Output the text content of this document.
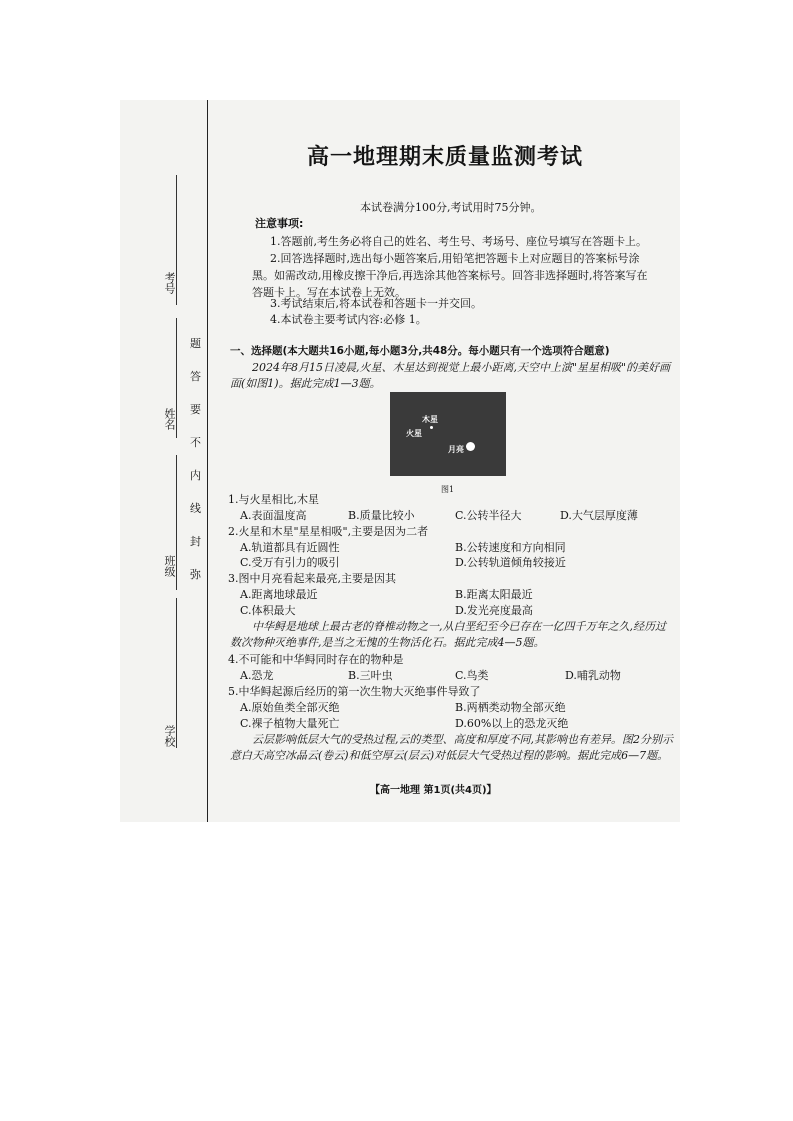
考号
姓名
班级
学校
题
答
要
不
内
线
封
弥
高一地理期末质量监测考试
本试卷满分100分,考试用时75分钟。
注意事项:
1.答题前,考生务必将自己的姓名、考生号、考场号、座位号填写在答题卡上。
2.回答选择题时,选出每小题答案后,用铅笔把答题卡上对应题目的答案标号涂
黑。如需改动,用橡皮擦干净后,再选涂其他答案标号。回答非选择题时,将答案写在
答题卡上。写在本试卷上无效。
3.考试结束后,将本试卷和答题卡一并交回。
4.本试卷主要考试内容:必修 1。
一、选择题(本大题共16小题,每小题3分,共48分。每小题只有一个选项符合题意)
2024年8月15日凌晨,火星、木星达到视觉上最小距离,天空中上演"星星相吸"的美好画
面(如图1)。据此完成1—3题。
木星
火星
月亮
图1
1.与火星相比,木星
A.表面温度高	B.质量比较小	C.公转半径大	D.大气层厚度薄
2.火星和木星"星星相吸",主要是因为二者
A.轨道都具有近圆性	B.公转速度和方向相同
C.受万有引力的吸引	D.公转轨道倾角较接近
3.图中月亮看起来最亮,主要是因其
A.距离地球最近	B.距离太阳最近
C.体积最大	D.发光亮度最高
中华鲟是地球上最古老的脊椎动物之一,从白垩纪至今已存在一亿四千万年之久,经历过
数次物种灭绝事件,是当之无愧的生物活化石。据此完成4—5题。
4.不可能和中华鲟同时存在的物种是
A.恐龙	B.三叶虫	C.鸟类	D.哺乳动物
5.中华鲟起源后经历的第一次生物大灭绝事件导致了
A.原始鱼类全部灭绝	B.两栖类动物全部灭绝
C.裸子植物大量死亡	D.60%以上的恐龙灭绝
云层影响低层大气的受热过程,云的类型、高度和厚度不同,其影响也有差异。图2分别示
意白天高空冰晶云(卷云)和低空厚云(层云)对低层大气受热过程的影响。据此完成6—7题。
【高一地理 第1页(共4页)】
